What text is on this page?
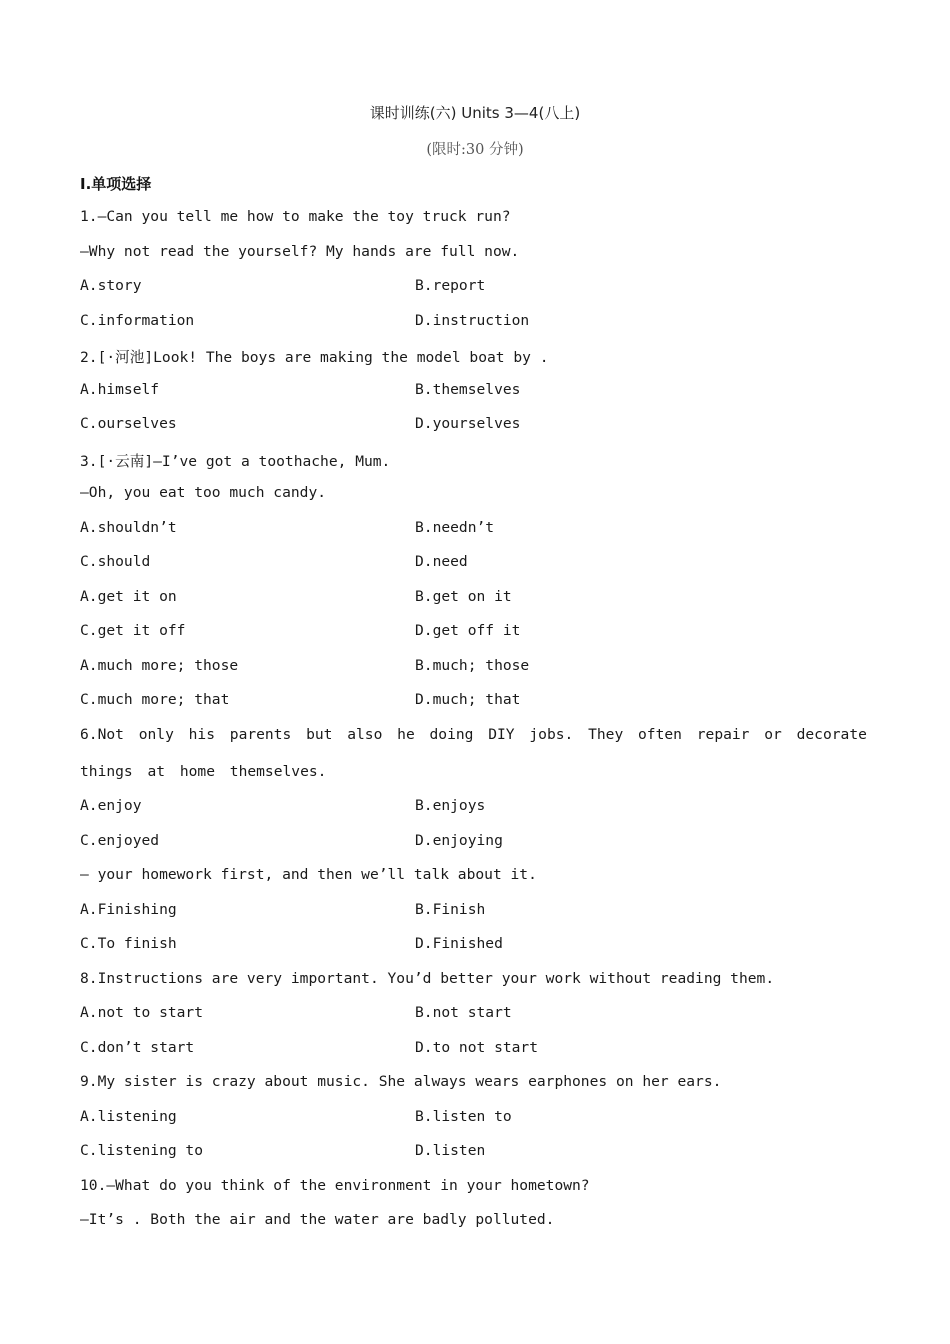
课时训练(六) Units 3—4(八上)
(限时:30 分钟)
Ⅰ.单项选择
1.—Can you tell me how to make the toy truck run?
—Why not read the yourself? My hands are full now.
A.story	B.report
C.information	D.instruction
2.[·河池]Look! The boys are making the model boat by .
A.himself	B.themselves
C.ourselves	D.yourselves
3.[·云南]—I’ve got a toothache, Mum.
—Oh, you eat too much candy.
A.shouldn’t	B.needn’t
C.should	D.need
A.get it on	B.get on it
C.get it off	D.get off it
A.much more; those	B.much; those
C.much more; that	D.much; that
6.Not only his parents but also he doing DIY jobs. They often repair or decorate things at home themselves.
A.enjoy	B.enjoys
C.enjoyed	D.enjoying
— your homework first, and then we’ll talk about it.
A.Finishing	B.Finish
C.To finish	D.Finished
8.Instructions are very important. You’d better your work without reading them.
A.not to start	B.not start
C.don’t start	D.to not start
9.My sister is crazy about music. She always wears earphones on her ears.
A.listening	B.listen to
C.listening to	D.listen
10.—What do you think of the environment in your hometown?
—It’s . Both the air and the water are badly polluted.
